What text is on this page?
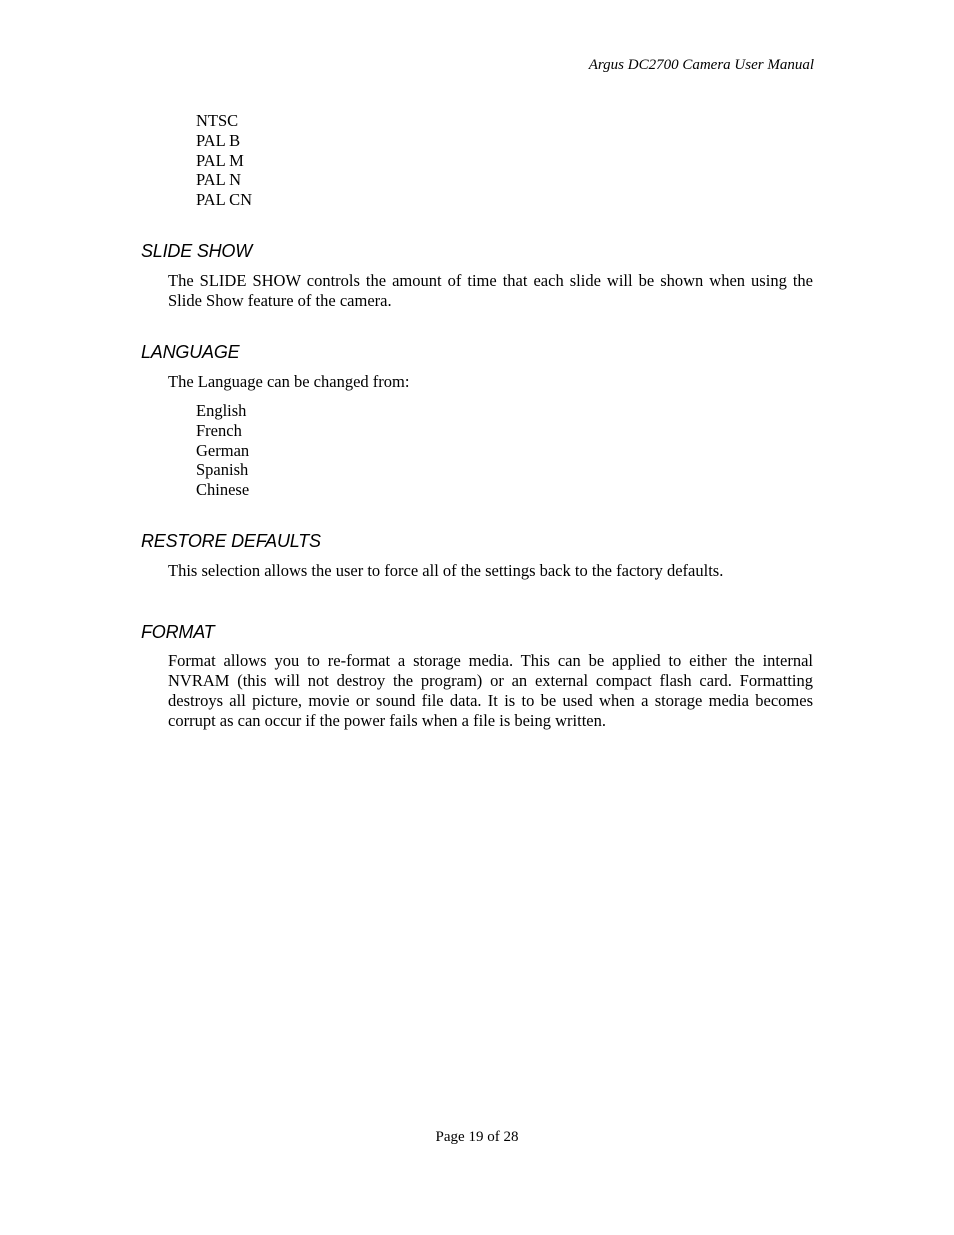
Argus DC2700 Camera User Manual
NTSC
PAL B
PAL M
PAL N
PAL CN
SLIDE SHOW

The SLIDE SHOW controls the amount of time that each slide will be shown when using the Slide Show feature of the camera.

LANGUAGE

The Language can be changed from:

English
French
German
Spanish
Chinese
RESTORE DEFAULTS

This selection allows the user to force all of the settings back to the factory defaults.

FORMAT

Format allows you to re-format a storage media. This can be applied to either the internal NVRAM (this will not destroy the program) or an external compact flash card. Formatting destroys all picture, movie or sound file data. It is to be used when a storage media becomes corrupt as can occur if the power fails when a file is being written.

Page 19 of 28
